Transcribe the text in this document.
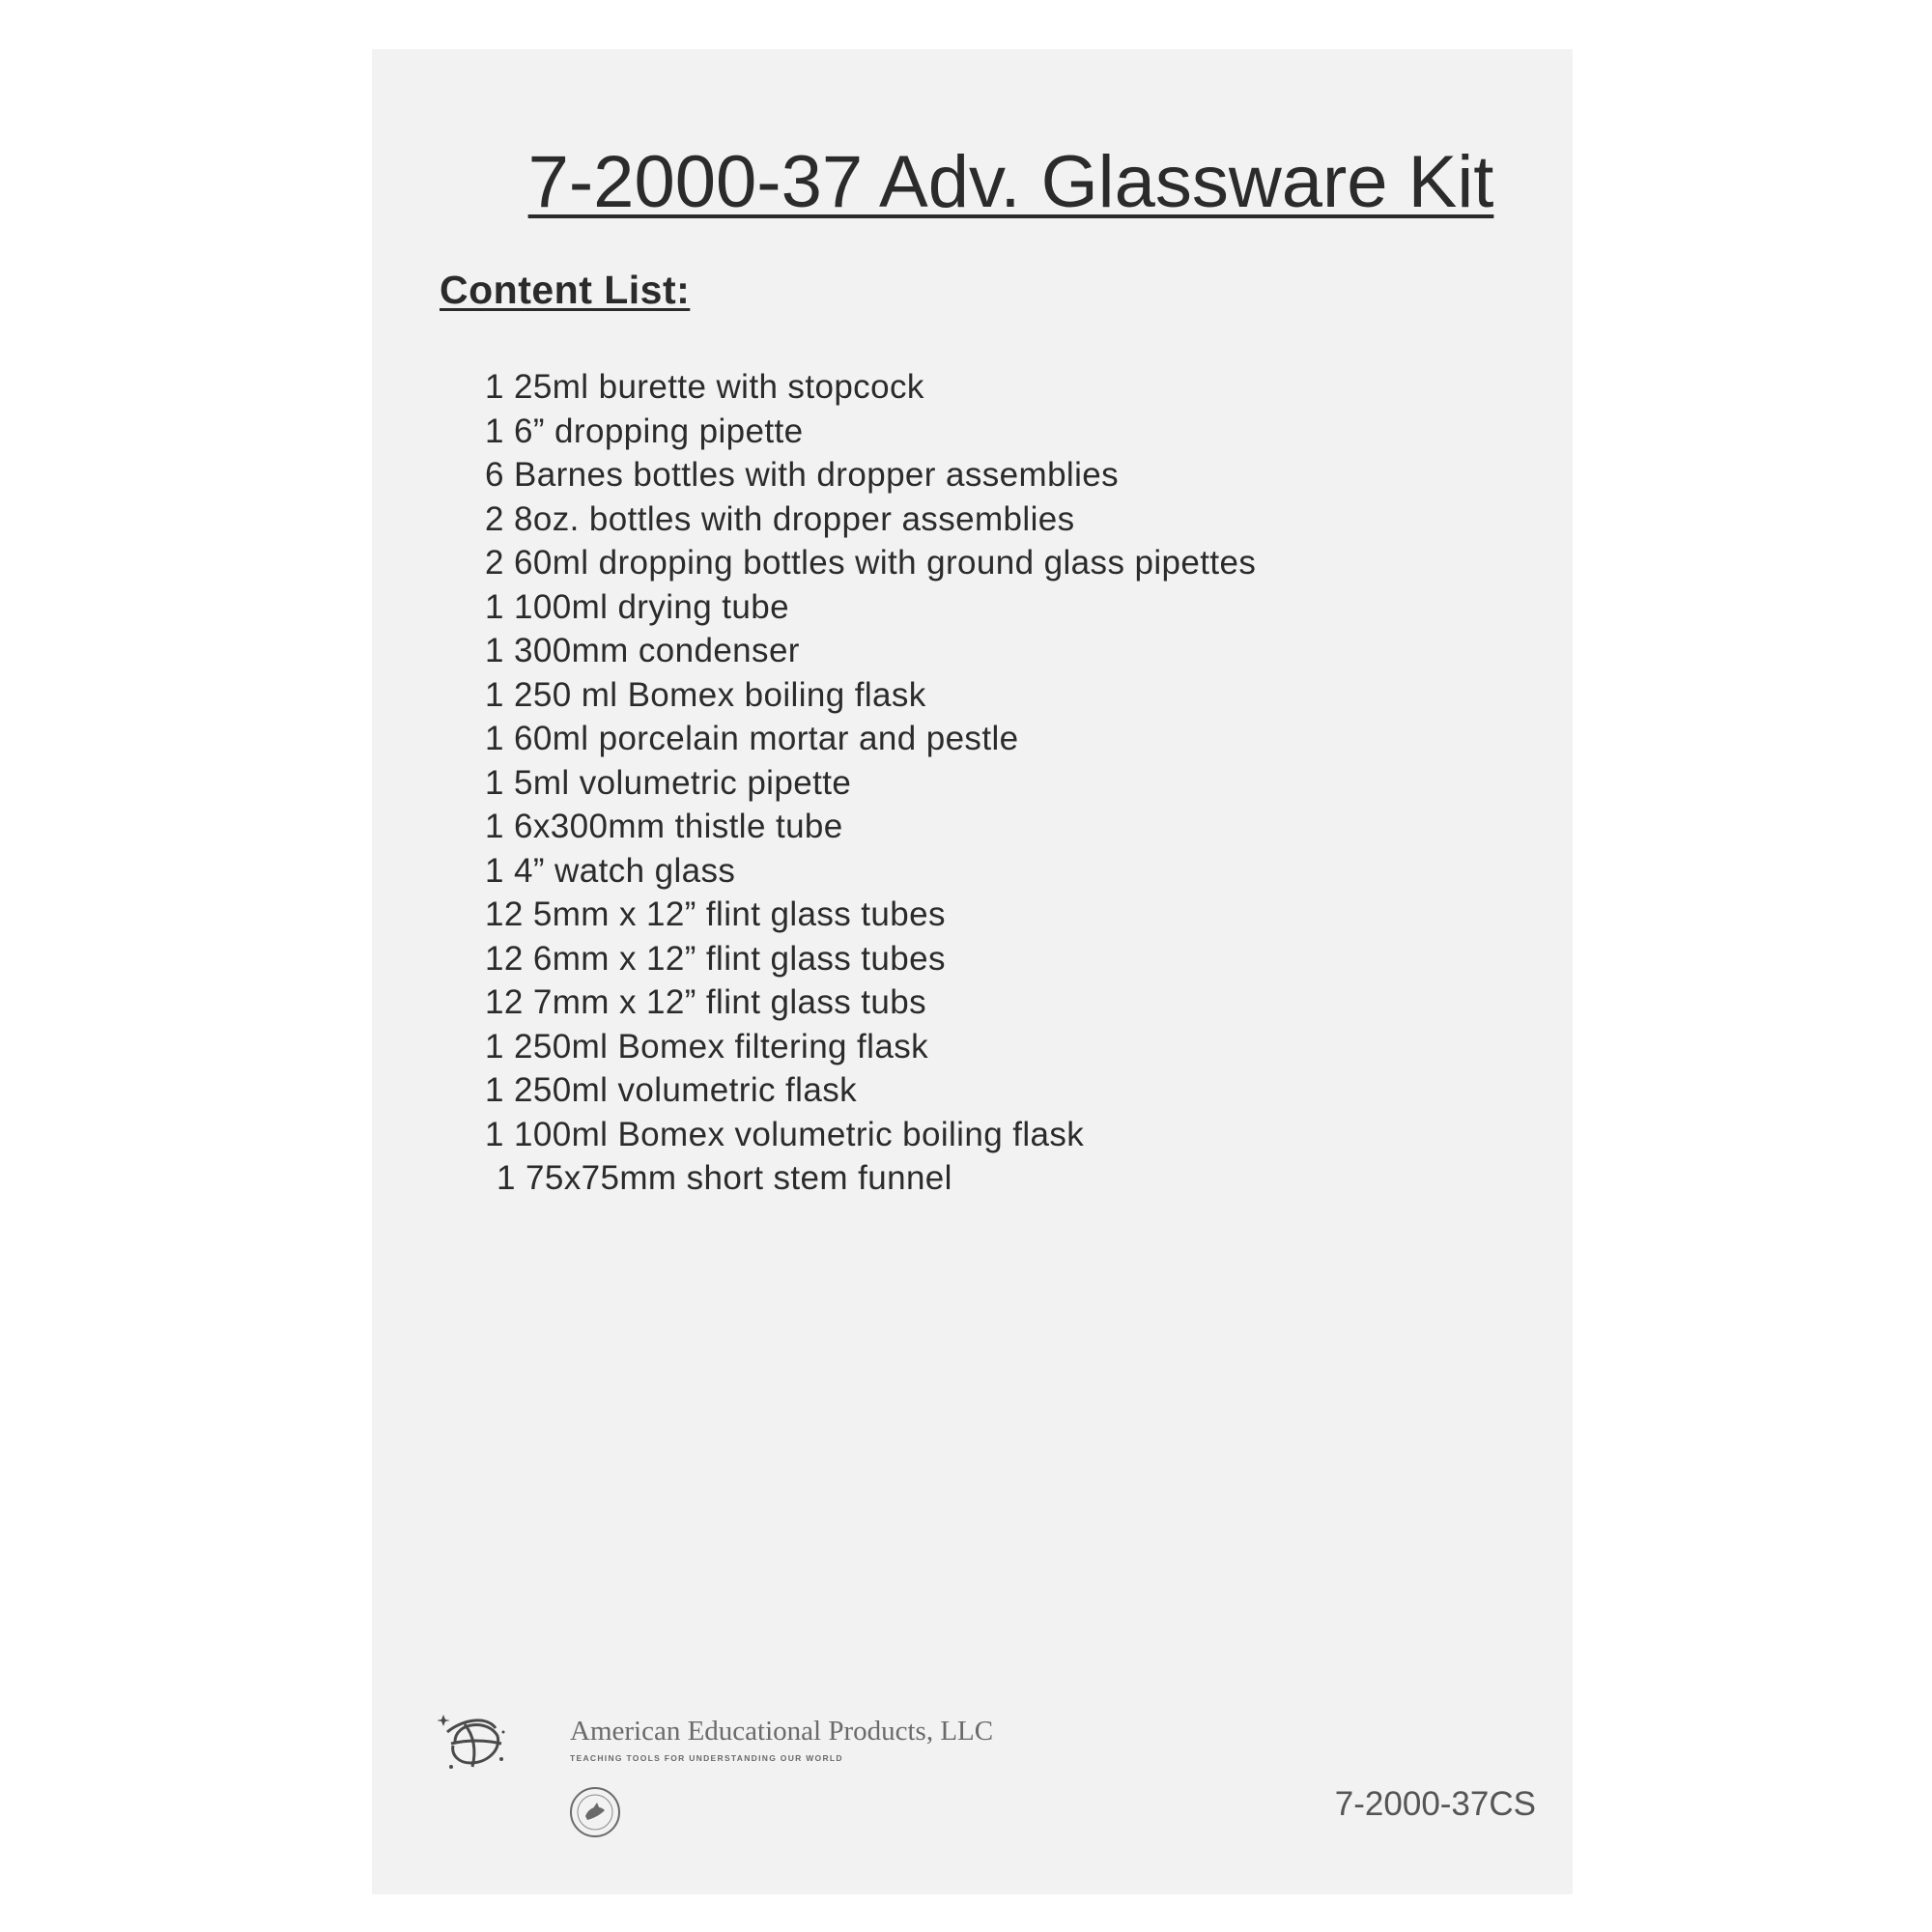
7-2000-37 Adv. Glassware Kit
Content List:
1 25ml burette with stopcock
1 6” dropping pipette
6 Barnes bottles with dropper assemblies
2 8oz. bottles with dropper assemblies
2 60ml dropping bottles with ground glass pipettes
1 100ml drying tube
1 300mm condenser
1 250 ml Bomex boiling flask
1 60ml porcelain mortar and pestle
1 5ml volumetric pipette
1 6x300mm thistle tube
1 4” watch glass
12 5mm x 12” flint glass tubes
12 6mm x 12” flint glass tubes
12 7mm x 12” flint glass tubs
1 250ml Bomex filtering flask
1 250ml volumetric flask
1 100ml Bomex volumetric boiling flask
1 75x75mm short stem funnel
American Educational Products, LLC
TEACHING TOOLS FOR UNDERSTANDING OUR WORLD
7-2000-37CS
